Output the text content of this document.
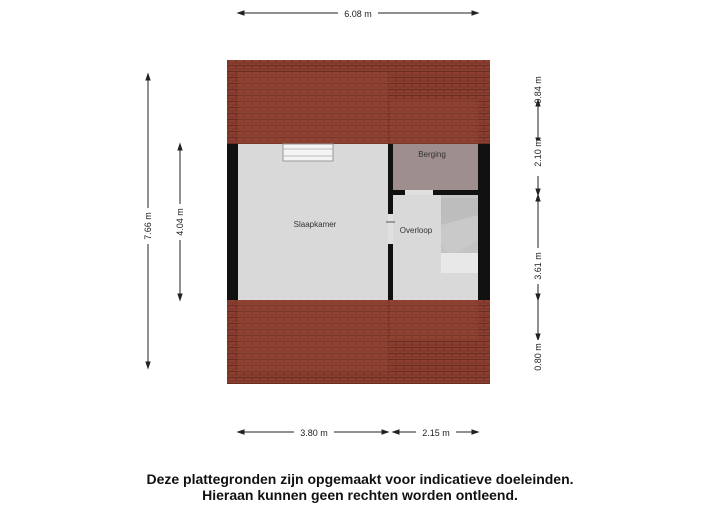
Slaapkamer
Overloop
Berging
6.08 m
3.80 m	2.15 m
7.66 m 4.04 m
0.84 m
2.10 m
3.61 m
0.80 m
Deze plattegronden zijn opgemaakt voor indicatieve doeleinden.
Hieraan kunnen geen rechten worden ontleend.
